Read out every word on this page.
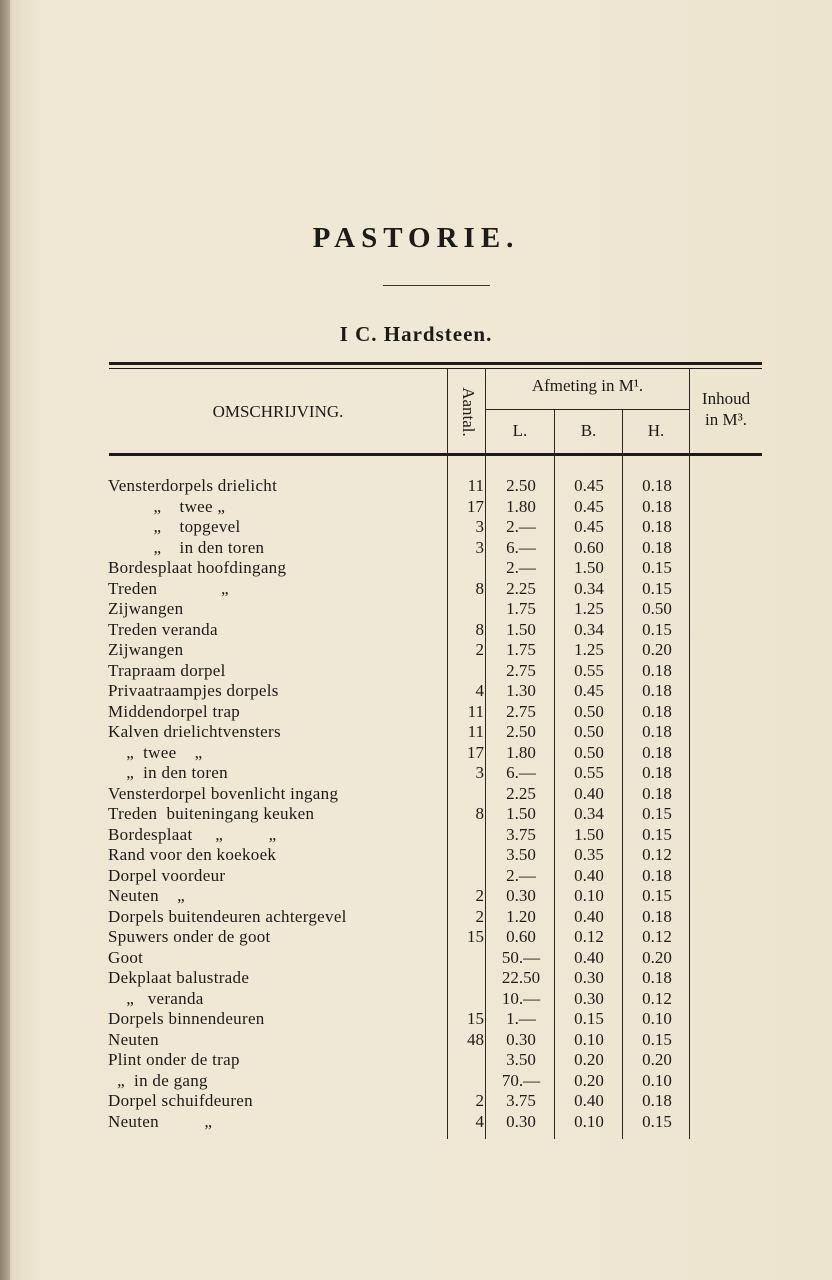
PASTORIE.
I C. Hardsteen.
OMSCHRIJVING.	Aantal.
Afmeting in M¹.
L.	B.	H.
Inhoud
in M³.
Vensterdorpels drielicht	11	2.50	0.45	0.18
„    twee „	17	1.80	0.45	0.18
„    topgevel	3	2.—	0.45	0.18
„    in den toren	3	6.—	0.60	0.18
Bordesplaat hoofdingang	2.—	1.50	0.15
Treden              „	8	2.25	0.34	0.15
Zijwangen	1.75	1.25	0.50
Treden veranda	8	1.50	0.34	0.15
Zijwangen	2	1.75	1.25	0.20
Trapraam dorpel	2.75	0.55	0.18
Privaatraampjes dorpels	4	1.30	0.45	0.18
Middendorpel trap	11	2.75	0.50	0.18
Kalven drielichtvensters	11	2.50	0.50	0.18
„  twee    „	17	1.80	0.50	0.18
„  in den toren	3	6.—	0.55	0.18
Vensterdorpel bovenlicht ingang	2.25	0.40	0.18
Treden  buiteningang keuken	8	1.50	0.34	0.15
Bordesplaat     „          „	3.75	1.50	0.15
Rand voor den koekoek	3.50	0.35	0.12
Dorpel voordeur	2.—	0.40	0.18
Neuten    „	2	0.30	0.10	0.15
Dorpels buitendeuren achtergevel	2	1.20	0.40	0.18
Spuwers onder de goot	15	0.60	0.12	0.12
Goot	50.—	0.40	0.20
Dekplaat balustrade	22.50	0.30	0.18
„   veranda	10.—	0.30	0.12
Dorpels binnendeuren	15	1.—	0.15	0.10
Neuten	48	0.30	0.10	0.15
Plint onder de trap	3.50	0.20	0.20
„  in de gang	70.—	0.20	0.10
Dorpel schuifdeuren	2	3.75	0.40	0.18
Neuten          „	4	0.30	0.10	0.15
